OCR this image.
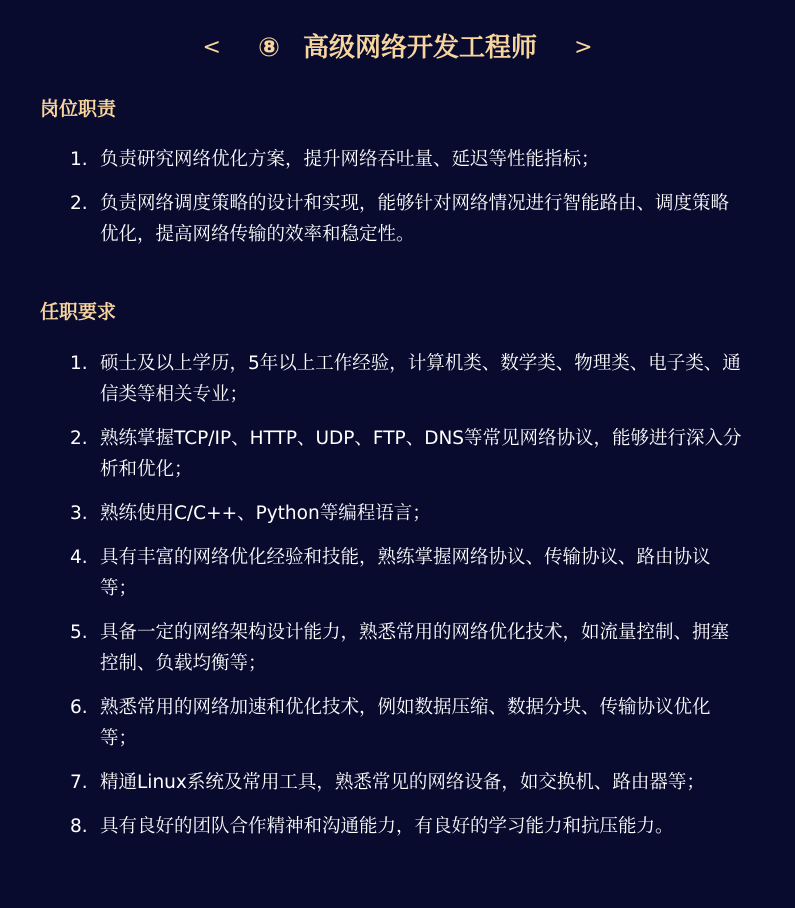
< ⑧ 高级网络开发工程师 >
岗位职责
1. 负责研究网络优化方案，提升网络吞吐量、延迟等性能指标；
2. 负责网络调度策略的设计和实现，能够针对网络情况进行智能路由、调度策略优化，提高网络传输的效率和稳定性。
任职要求
1. 硕士及以上学历，5年以上工作经验，计算机类、数学类、物理类、电子类、通信类等相关专业；
2. 熟练掌握TCP/IP、HTTP、UDP、FTP、DNS等常见网络协议，能够进行深入分析和优化；
3. 熟练使用C/C++、Python等编程语言；
4. 具有丰富的网络优化经验和技能，熟练掌握网络协议、传输协议、路由协议等；
5. 具备一定的网络架构设计能力，熟悉常用的网络优化技术，如流量控制、拥塞控制、负载均衡等；
6. 熟悉常用的网络加速和优化技术，例如数据压缩、数据分块、传输协议优化等；
7. 精通Linux系统及常用工具，熟悉常见的网络设备，如交换机、路由器等；
8. 具有良好的团队合作精神和沟通能力，有良好的学习能力和抗压能力。
